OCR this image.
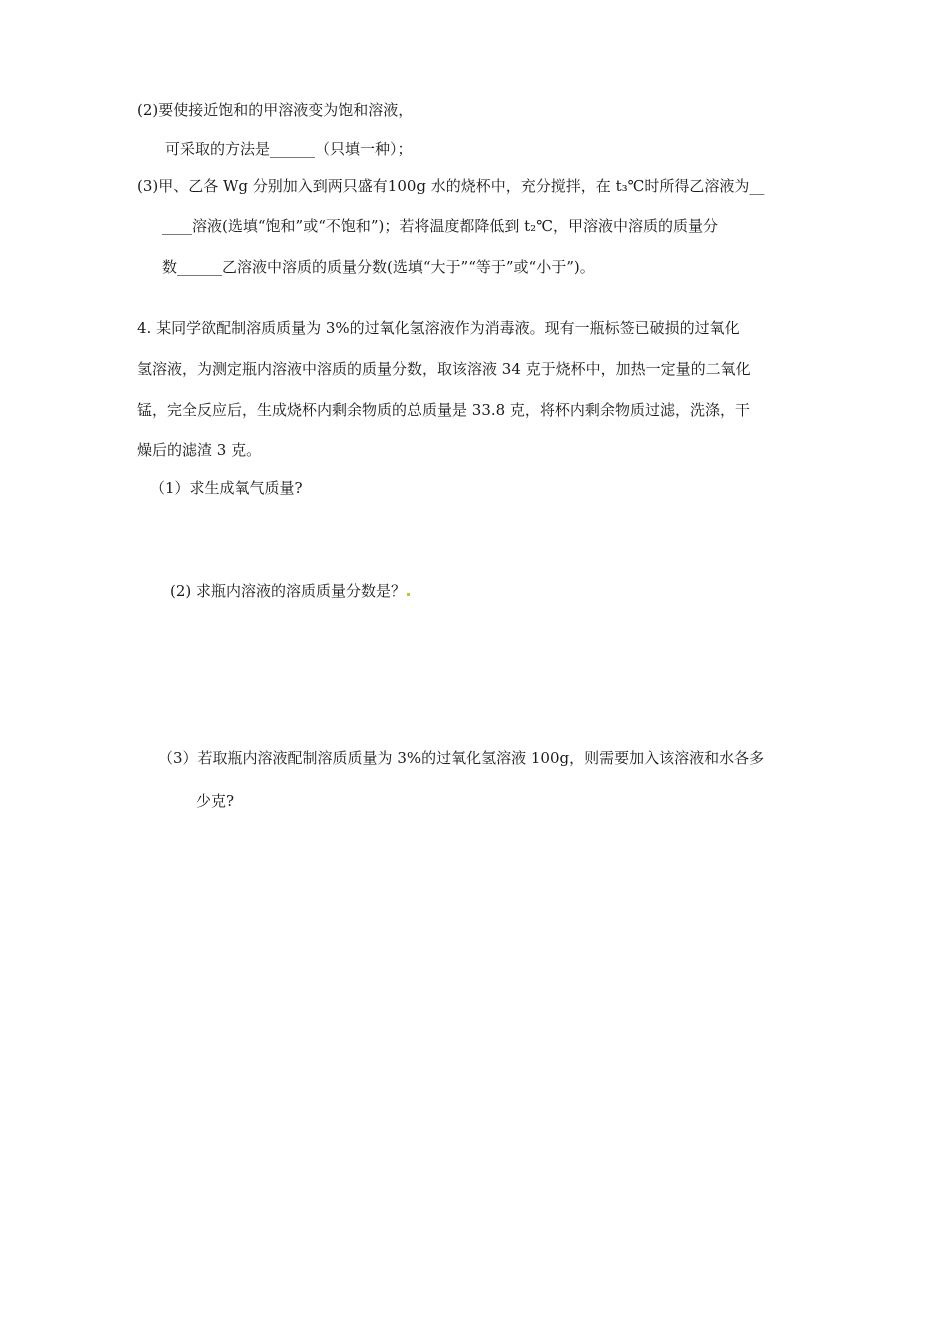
(2)要使接近饱和的甲溶液变为饱和溶液，
可采取的方法是______（只填一种）；
(3)甲、乙各 Wg 分别加入到两只盛有100g 水的烧杯中，充分搅拌，在 t₃℃时所得乙溶液为__
____溶液(选填“饱和”或“不饱和”)；若将温度都降低到 t₂℃，甲溶液中溶质的质量分
数______乙溶液中溶质的质量分数(选填“大于”“等于”或“小于”)。
4. 某同学欲配制溶质质量为 3%的过氧化氢溶液作为消毒液。现有一瓶标签已破损的过氧化
氢溶液，为测定瓶内溶液中溶质的质量分数，取该溶液 34 克于烧杯中，加热一定量的二氧化
锰，完全反应后，生成烧杯内剩余物质的总质量是 33.8 克，将杯内剩余物质过滤，洗涤，干
燥后的滤渣 3 克。
（1）求生成氧气质量?
(2) 求瓶内溶液的溶质质量分数是？
（3）若取瓶内溶液配制溶质质量为 3%的过氧化氢溶液 100g，则需要加入该溶液和水各多
少克?
